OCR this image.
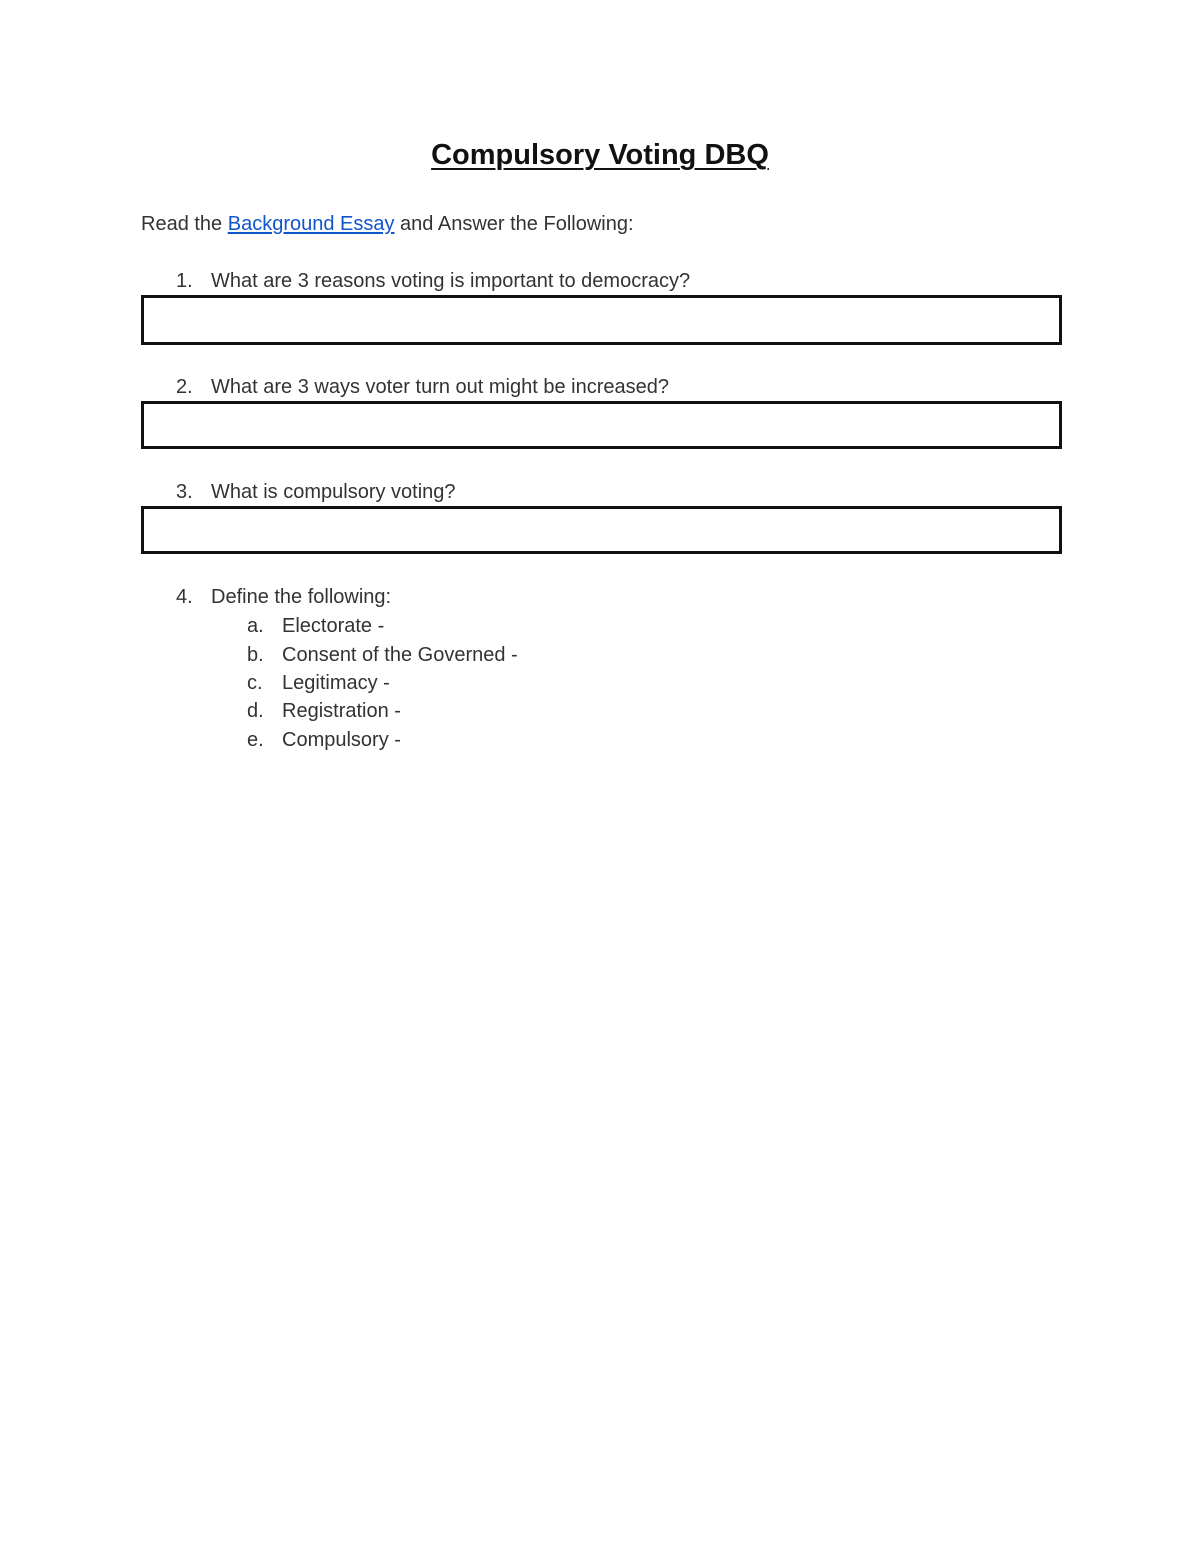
Compulsory Voting DBQ
Read the Background Essay and Answer the Following:
1. What are 3 reasons voting is important to democracy?
2. What are 3 ways voter turn out might be increased?
3. What is compulsory voting?
4. Define the following:
a. Electorate -
b. Consent of the Governed -
c. Legitimacy -
d. Registration -
e. Compulsory -
